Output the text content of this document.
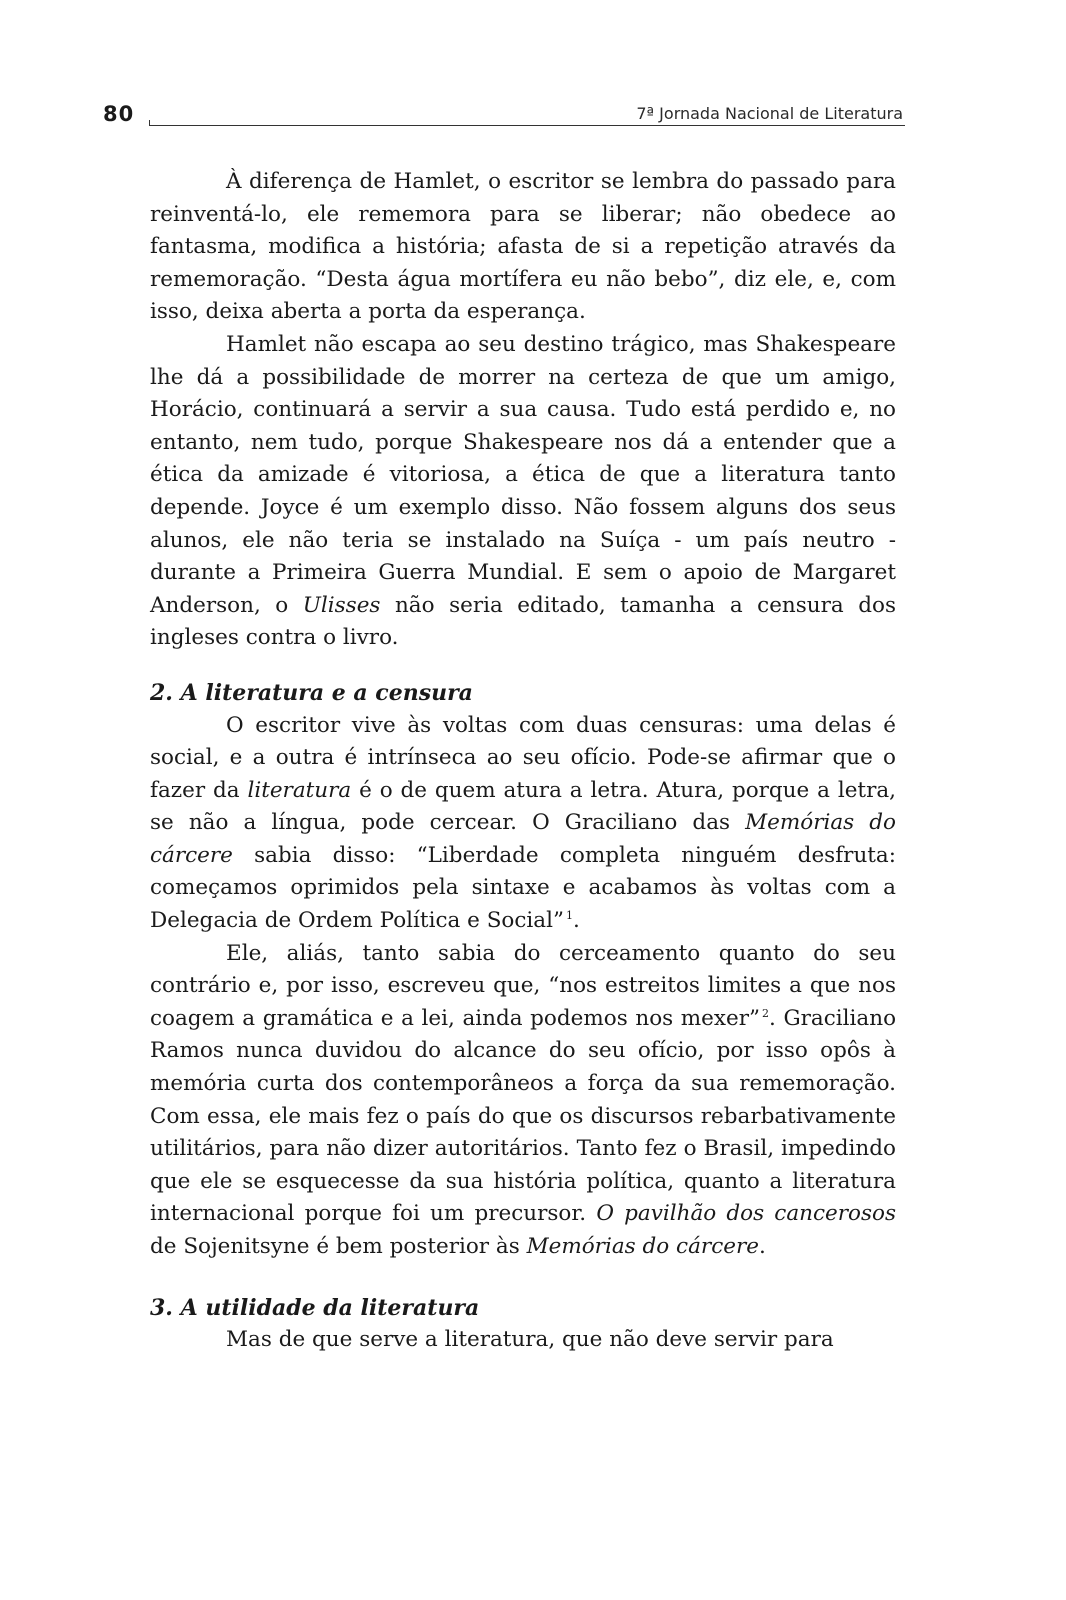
80	7ª Jornada Nacional de Literatura

À diferença de Hamlet, o escritor se lembra do passado para reinventá-lo, ele rememora para se liberar; não obedece ao fantasma, modifica a história; afasta de si a repetição através da rememoração. “Desta água mortífera eu não bebo”, diz ele, e, com isso, deixa aberta a porta da esperança.

Hamlet não escapa ao seu destino trágico, mas Shakespeare lhe dá a possibilidade de morrer na certeza de que um amigo, Horácio, continuará a servir a sua causa. Tudo está perdido e, no entanto, nem tudo, porque Shakespeare nos dá a entender que a ética da amizade é vitoriosa, a ética de que a literatura tanto depende. Joyce é um exemplo disso. Não fossem alguns dos seus alunos, ele não teria se instalado na Suíça - um país neutro - durante a Primeira Guerra Mundial. E sem o apoio de Margaret Anderson, o Ulisses não seria editado, tamanha a censura dos ingleses contra o livro.

2. A literatura e a censura

O escritor vive às voltas com duas censuras: uma delas é social, e a outra é intrínseca ao seu ofício. Pode-se afirmar que o fazer da literatura é o de quem atura a letra. Atura, porque a letra, se não a língua, pode cercear. O Graciliano das Memórias do cárcere sabia disso: “Liberdade completa ninguém desfruta: começamos oprimidos pela sintaxe e acabamos às voltas com a Delegacia de Ordem Política e Social” $^1$.

Ele, aliás, tanto sabia do cerceamento quanto do seu contrário e, por isso, escreveu que, “nos estreitos limites a que nos coagem a gramática e a lei, ainda podemos nos mexer” $^2$. Graciliano Ramos nunca duvidou do alcance do seu ofício, por isso opôs à memória curta dos contemporâneos a força da sua rememoração. Com essa, ele mais fez o país do que os discursos rebarbativamente utilitários, para não dizer autoritários. Tanto fez o Brasil, impedindo que ele se esquecesse da sua história política, quanto a literatura internacional porque foi um precursor. O pavilhão dos cancerosos de Sojenitsyne é bem posterior às Memórias do cárcere.

3. A utilidade da literatura

Mas de que serve a literatura, que não deve servir para
